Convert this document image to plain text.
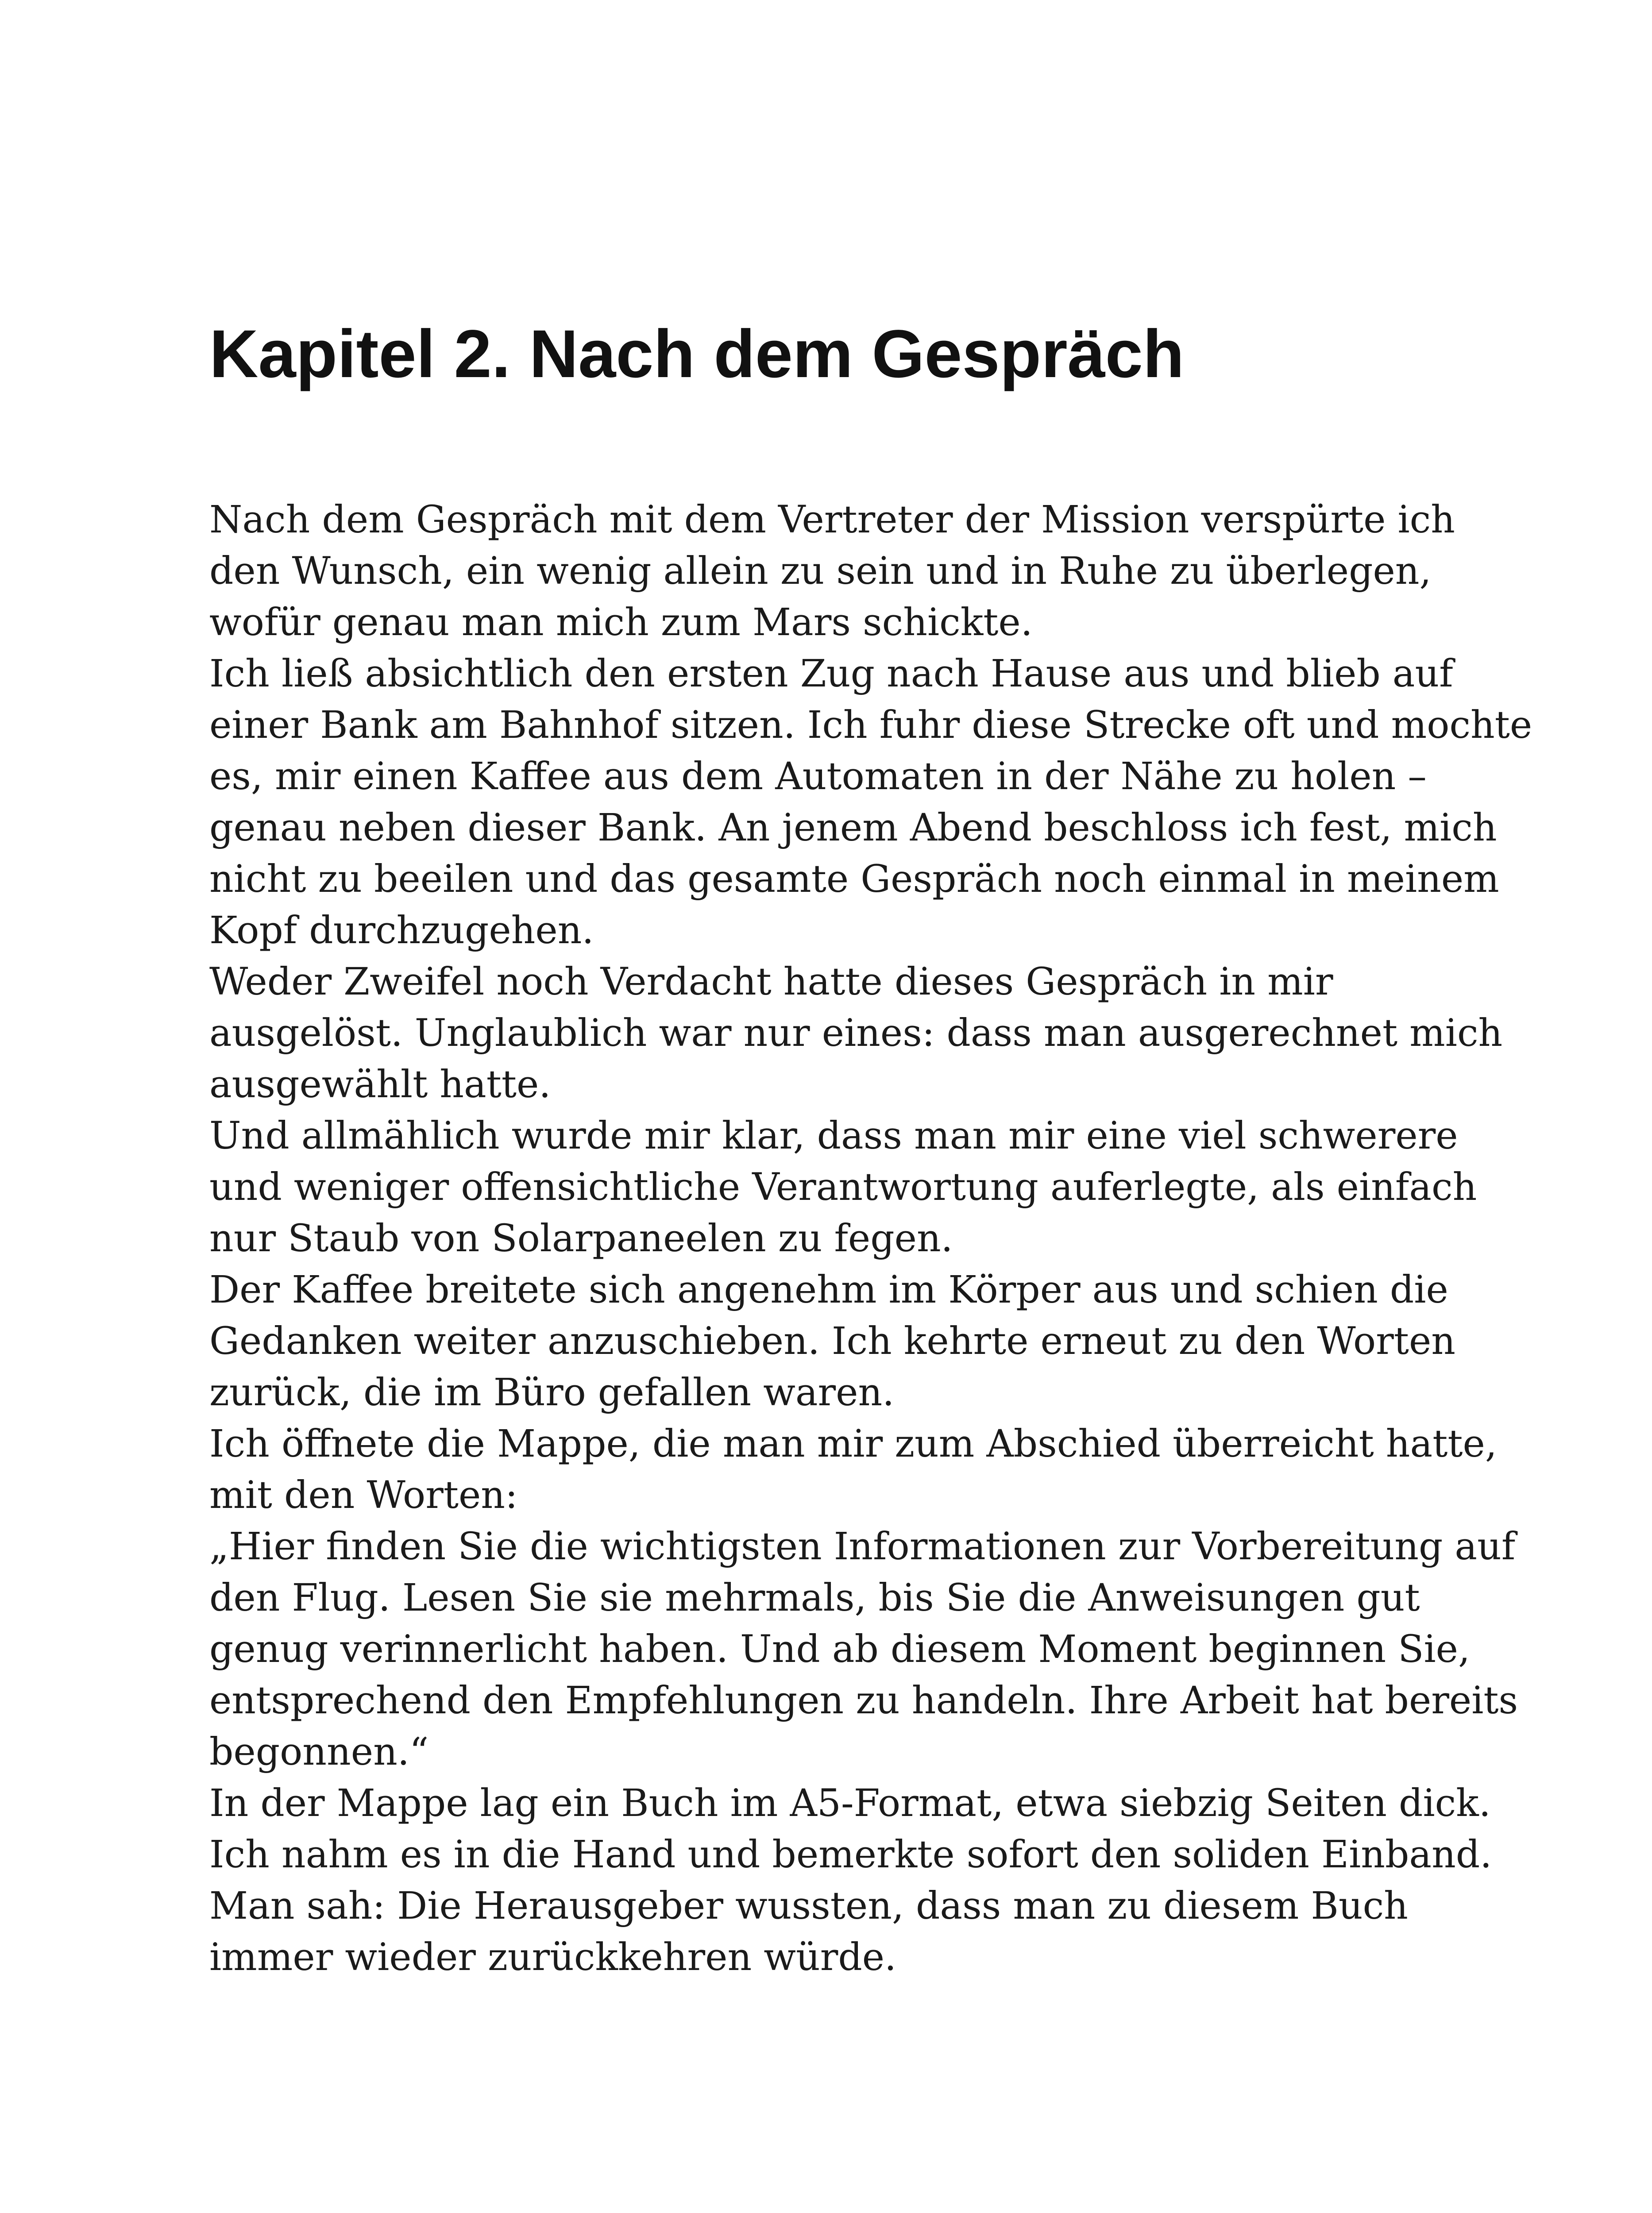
Kapitel 2. Nach dem Gespräch
Nach dem Gespräch mit dem Vertreter der Mission verspürte ich
den Wunsch, ein wenig allein zu sein und in Ruhe zu überlegen,
wofür genau man mich zum Mars schickte.
Ich ließ absichtlich den ersten Zug nach Hause aus und blieb auf
einer Bank am Bahnhof sitzen. Ich fuhr diese Strecke oft und mochte
es, mir einen Kaffee aus dem Automaten in der Nähe zu holen –
genau neben dieser Bank. An jenem Abend beschloss ich fest, mich
nicht zu beeilen und das gesamte Gespräch noch einmal in meinem
Kopf durchzugehen.
Weder Zweifel noch Verdacht hatte dieses Gespräch in mir
ausgelöst. Unglaublich war nur eines: dass man ausgerechnet mich
ausgewählt hatte.
Und allmählich wurde mir klar, dass man mir eine viel schwerere
und weniger offensichtliche Verantwortung auferlegte, als einfach
nur Staub von Solarpaneelen zu fegen.
Der Kaffee breitete sich angenehm im Körper aus und schien die
Gedanken weiter anzuschieben. Ich kehrte erneut zu den Worten
zurück, die im Büro gefallen waren.
Ich öffnete die Mappe, die man mir zum Abschied überreicht hatte,
mit den Worten:
„Hier finden Sie die wichtigsten Informationen zur Vorbereitung auf
den Flug. Lesen Sie sie mehrmals, bis Sie die Anweisungen gut
genug verinnerlicht haben. Und ab diesem Moment beginnen Sie,
entsprechend den Empfehlungen zu handeln. Ihre Arbeit hat bereits
begonnen.“
In der Mappe lag ein Buch im A5-Format, etwa siebzig Seiten dick.
Ich nahm es in die Hand und bemerkte sofort den soliden Einband.
Man sah: Die Herausgeber wussten, dass man zu diesem Buch
immer wieder zurückkehren würde.
